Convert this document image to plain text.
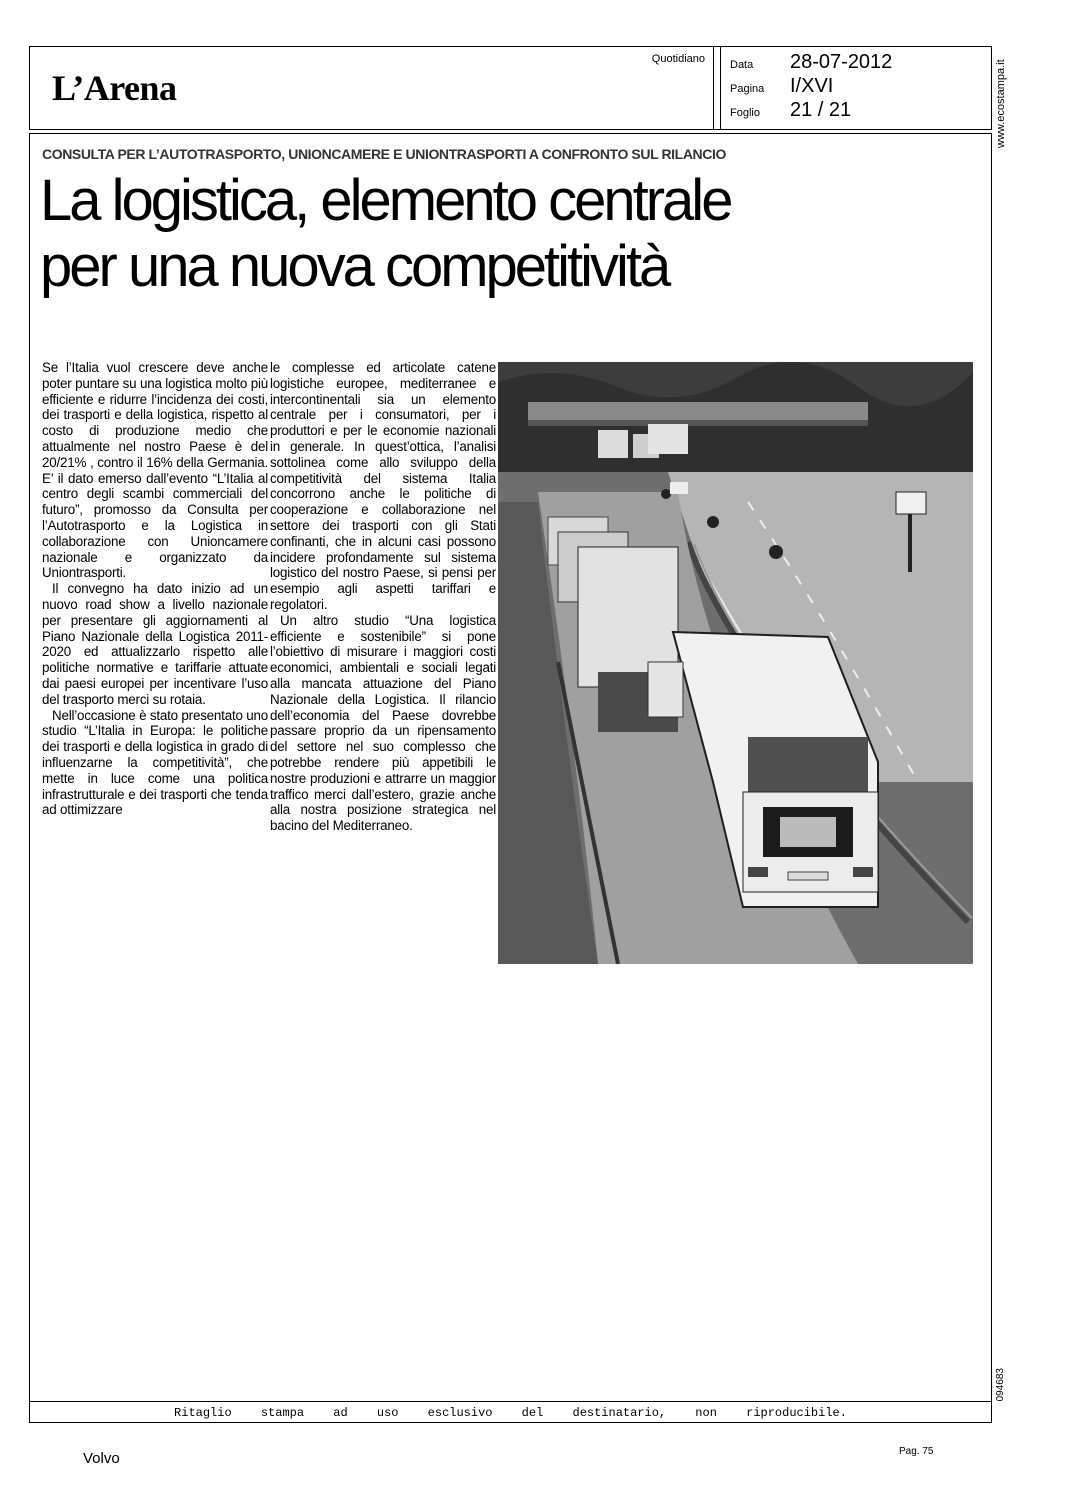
L’Arena
Quotidiano Data	28-07-2012
Pagina	I/XVI
Foglio	21 / 21
CONSULTA PER L’AUTOTRASPORTO, UNIONCAMERE E UNIONTRASPORTI A CONFRONTO SUL RILANCIO
La logistica, elemento centrale
per una nuova competitività

Se l’Italia vuol crescere deve anche poter puntare su una logistica molto più efficiente e ridurre l’incidenza dei costi, dei trasporti e della logistica, rispetto al costo di produzione medio che attualmente nel nostro Paese è del 20/21% , contro il 16% della Germania. E’ il dato emerso dall’evento “L’Italia al centro degli scambi commerciali del futuro”, promosso da Consulta per l’Autotrasporto e la Logistica in collaborazione con Unioncamere nazionale e organizzato da Uniontrasporti.

Il convegno ha dato inizio ad un nuovo road show a livello nazionale per presentare gli aggiornamenti al Piano Nazionale della Logistica 2011-2020 ed attualizzarlo rispetto alle politiche normative e tariffarie attuate dai paesi europei per incentivare l’uso del trasporto merci su rotaia.

Nell’occasione è stato presentato uno studio “L’Italia in Europa: le politiche dei trasporti e della logistica in grado di influenzarne la competitività”, che mette in luce come una politica infrastrutturale e dei trasporti che tenda ad ottimizzare

le complesse ed articolate catene logistiche europee, mediterranee e intercontinentali sia un elemento centrale per i consumatori, per i produttori e per le economie nazionali in generale. In quest’ottica, l’analisi sottolinea come allo sviluppo della competitività del sistema Italia concorrono anche le politiche di cooperazione e collaborazione nel settore dei trasporti con gli Stati confinanti, che in alcuni casi possono incidere profondamente sul sistema logistico del nostro Paese, si pensi per esempio agli aspetti tariffari e regolatori.

Un altro studio “Una logistica efficiente e sostenibile” si pone l’obiettivo di misurare i maggiori costi economici, ambientali e sociali legati alla mancata attuazione del Piano Nazionale della Logistica. Il rilancio dell’economia del Paese dovrebbe passare proprio da un ripensamento del settore nel suo complesso che potrebbe rendere più appetibili le nostre produzioni e attrarre un maggior traffico merci dall’estero, grazie anche alla nostra posizione strategica nel bacino del Mediterraneo.

Ritaglio stampa ad uso esclusivo del destinatario, non riproducibile.
www.ecostampa.it
094683
Volvo	Pag. 75
